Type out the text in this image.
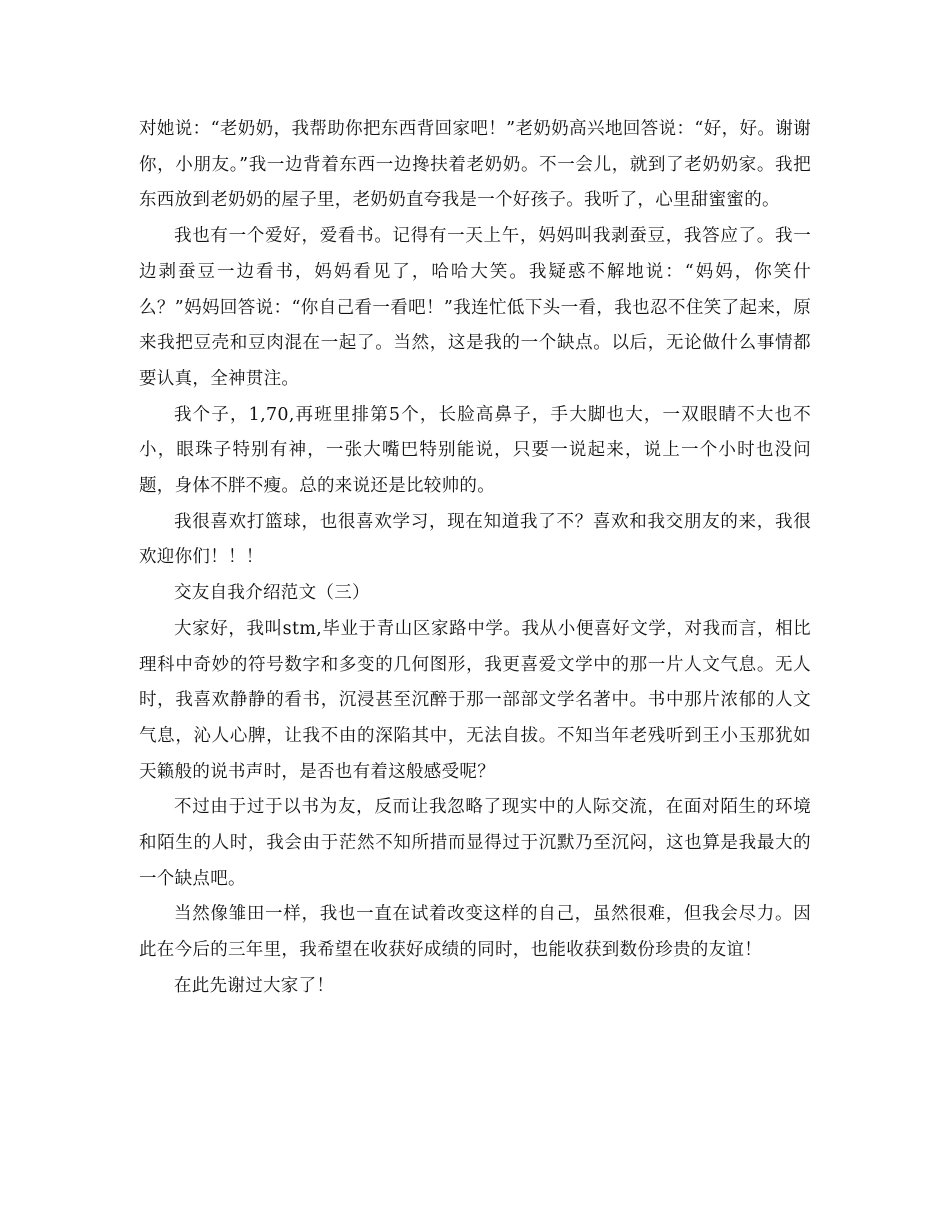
对她说：“老奶奶，我帮助你把东西背回家吧！”老奶奶高兴地回答说：“好，好。谢谢你，小朋友。”我一边背着东西一边搀扶着老奶奶。不一会儿，就到了老奶奶家。我把东西放到老奶奶的屋子里，老奶奶直夸我是一个好孩子。我听了，心里甜蜜蜜的。

我也有一个爱好，爱看书。记得有一天上午，妈妈叫我剥蚕豆，我答应了。我一边剥蚕豆一边看书，妈妈看见了，哈哈大笑。我疑惑不解地说：“妈妈，你笑什么？”妈妈回答说：“你自己看一看吧！”我连忙低下头一看，我也忍不住笑了起来，原来我把豆壳和豆肉混在一起了。当然，这是我的一个缺点。以后，无论做什么事情都要认真，全神贯注。

我个子，1,70,再班里排第5个，长脸高鼻子，手大脚也大，一双眼睛不大也不小，眼珠子特别有神，一张大嘴巴特别能说，只要一说起来，说上一个小时也没问题，身体不胖不瘦。总的来说还是比较帅的。

我很喜欢打篮球，也很喜欢学习，现在知道我了不？喜欢和我交朋友的来，我很欢迎你们！！！

交友自我介绍范文（三）

大家好，我叫stm,毕业于青山区家路中学。我从小便喜好文学，对我而言，相比理科中奇妙的符号数字和多变的几何图形，我更喜爱文学中的那一片人文气息。无人时，我喜欢静静的看书，沉浸甚至沉醉于那一部部文学名著中。书中那片浓郁的人文气息，沁人心脾，让我不由的深陷其中，无法自拔。不知当年老残听到王小玉那犹如天籁般的说书声时，是否也有着这般感受呢？

不过由于过于以书为友，反而让我忽略了现实中的人际交流，在面对陌生的环境和陌生的人时，我会由于茫然不知所措而显得过于沉默乃至沉闷，这也算是我最大的一个缺点吧。

当然像雏田一样，我也一直在试着改变这样的自己，虽然很难，但我会尽力。因此在今后的三年里，我希望在收获好成绩的同时，也能收获到数份珍贵的友谊！

在此先谢过大家了！
